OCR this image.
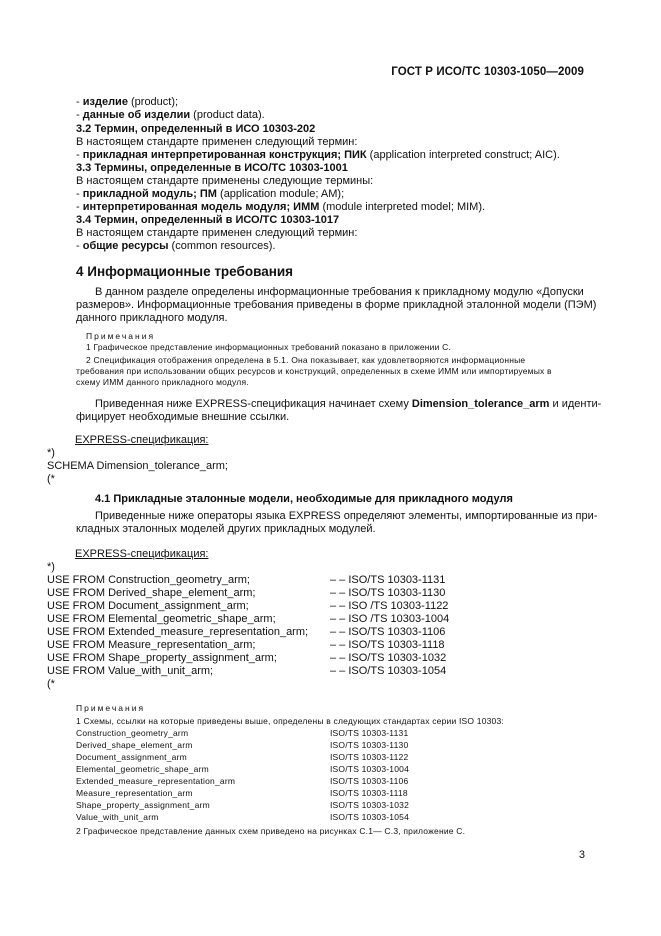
ГОСТ Р ИСО/ТС 10303-1050—2009
- изделие (product);
- данные об изделии (product data).
3.2 Термин, определенный в ИСО 10303-202
В настоящем стандарте применен следующий термин:
- прикладная интерпретированная конструкция; ПИК (application interpreted construct; AIC).
3.3 Термины, определенные в ИСО/ТС 10303-1001
В настоящем стандарте применены следующие термины:
- прикладной модуль; ПМ (application module; AM);
- интерпретированная модель модуля; ИММ (module interpreted model; MIM).
3.4 Термин, определенный в ИСО/ТС 10303-1017
В настоящем стандарте применен следующий термин:
- общие ресурсы (common resources).
4 Информационные требования
В данном разделе определены информационные требования к прикладному модулю «Допуски
размеров». Информационные требования приведены в форме прикладной эталонной модели (ПЭМ)
данного прикладного модуля.
Примечания
1 Графическое представление информационных требований показано в приложении С.
2 Спецификация отображения определена в 5.1. Она показывает, как удовлетворяются информационные
требования при использовании общих ресурсов и конструкций, определенных в схеме ИММ или импортируемых в
схему ИММ данного прикладного модуля.
Приведенная ниже EXPRESS-спецификация начинает схему Dimension_tolerance_arm и иденти-
фицирует необходимые внешние ссылки.
EXPRESS-спецификация:
*)
SCHEMA Dimension_tolerance_arm;
(*
4.1 Прикладные эталонные модели, необходимые для прикладного модуля
Приведенные ниже операторы языка EXPRESS определяют элементы, импортированные из при-
кладных эталонных моделей других прикладных модулей.
EXPRESS-спецификация:
*)
USE FROM Construction_geometry_arm;	– – ISO/TS 10303-1131
USE FROM Derived_shape_element_arm;	– – ISO/TS 10303-1130
USE FROM Document_assignment_arm;	– – ISO /TS 10303-1122
USE FROM Elemental_geometric_shape_arm;	– – ISO /TS 10303-1004
USE FROM Extended_measure_representation_arm; – – ISO/TS 10303-1106
USE FROM Measure_representation_arm;	– – ISO/TS 10303-1118
USE FROM Shape_property_assignment_arm;	– – ISO/TS 10303-1032
USE FROM Value_with_unit_arm;	– – ISO/TS 10303-1054
(*
Примечания
1 Схемы, ссылки на которые приведены выше, определены в следующих стандартах серии ISO 10303:
Construction_geometry_arm	ISO/TS 10303-1131
Derived_shape_element_arm	ISO/TS 10303-1130
Document_assignment_arm	ISO/TS 10303-1122
Elemental_geometric_shape_arm	ISO/TS 10303-1004
Extended_measure_representation_arm	ISO/TS 10303-1106
Measure_representation_arm	ISO/TS 10303-1118
Shape_property_assignment_arm	ISO/TS 10303-1032
Value_with_unit_arm	ISO/TS 10303-1054
2 Графическое представление данных схем приведено на рисунках С.1— С.3, приложение С.
3
